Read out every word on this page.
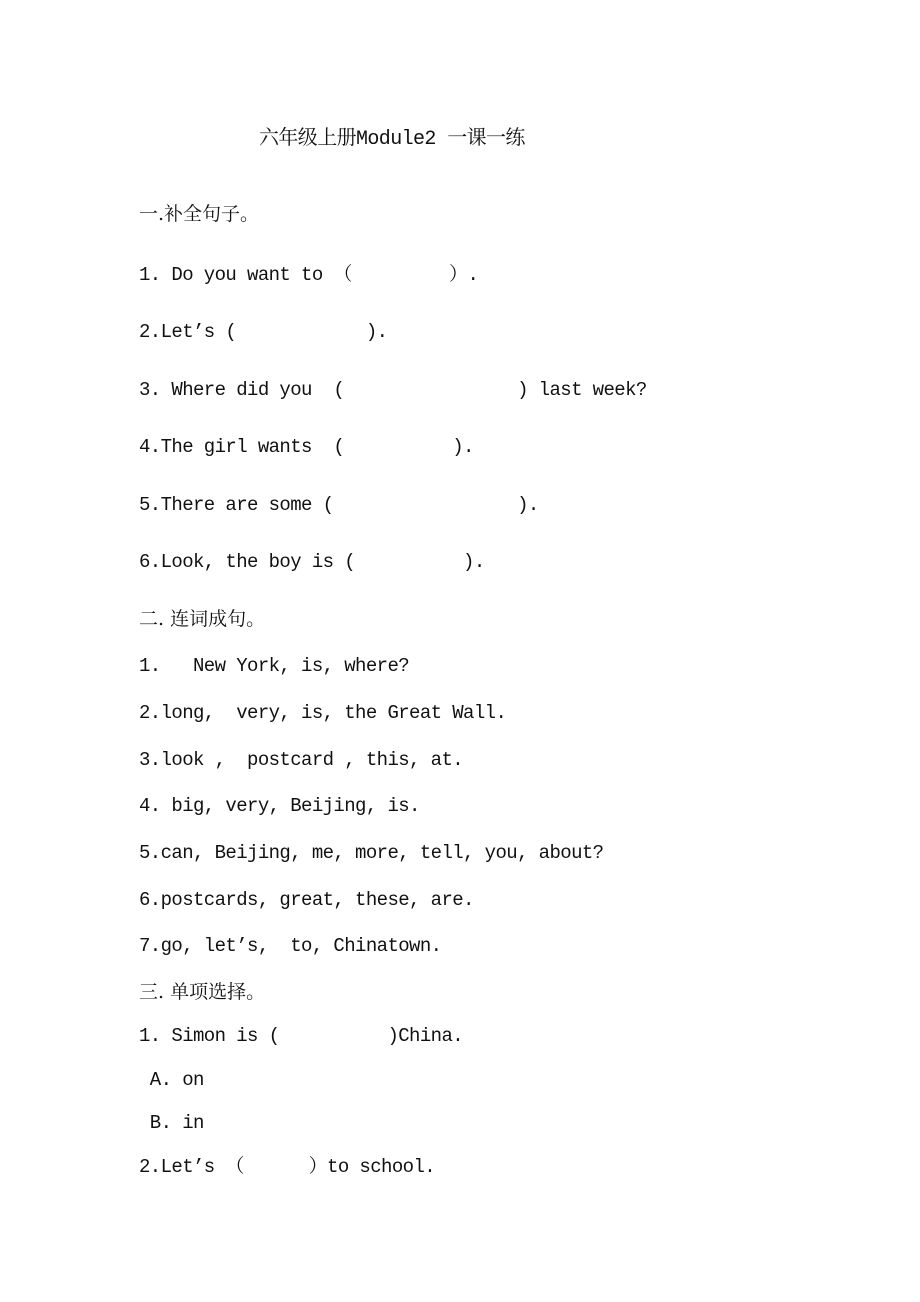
六年级上册Module2 一课一练
一.补全句子。
1. Do you want to （         ）.
2.Let’s (            ).
3. Where did you  (                ) last week?
4.The girl wants  (          ).
5.There are some (                 ).
6.Look, the boy is (          ).
二. 连词成句。
1.   New York, is, where?
2.long,  very, is, the Great Wall.
3.look ,  postcard , this, at.
4. big, very, Beijing, is.
5.can, Beijing, me, more, tell, you, about?
6.postcards, great, these, are.
7.go, let’s,  to, Chinatown.
三. 单项选择。
1. Simon is (          )China.
A. on
B. in
2.Let’s （      ）to school.
